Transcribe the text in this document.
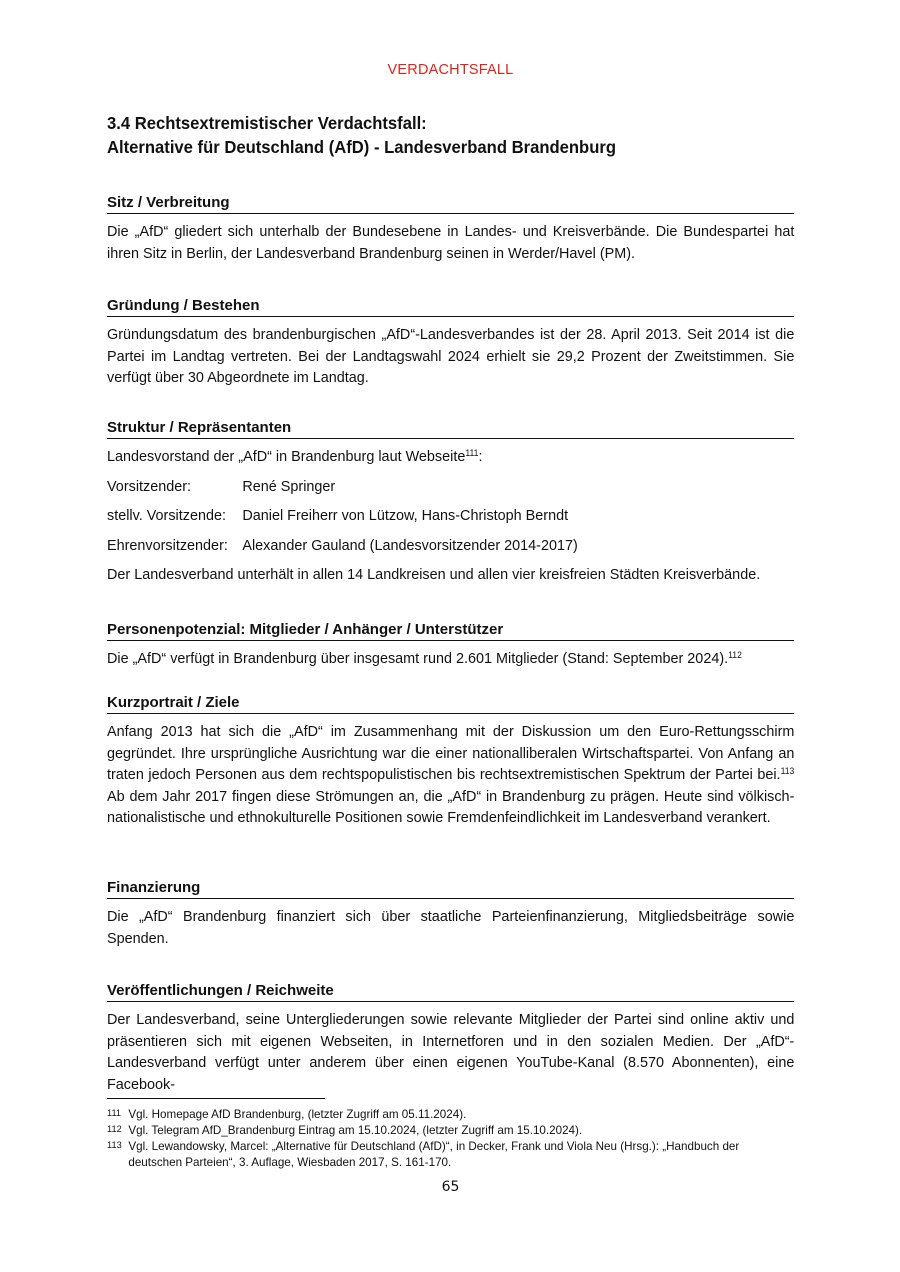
VERDACHTSFALL
3.4 Rechtsextremistischer Verdachtsfall:
Alternative für Deutschland (AfD) - Landesverband Brandenburg
Sitz / Verbreitung

Die „AfD“ gliedert sich unterhalb der Bundesebene in Landes- und Kreisverbände. Die Bundespartei hat ihren Sitz in Berlin, der Landesverband Brandenburg seinen in Werder/Havel (PM).

Gründung / Bestehen

Gründungsdatum des brandenburgischen „AfD“-Landesverbandes ist der 28. April 2013. Seit 2014 ist die Partei im Landtag vertreten. Bei der Landtagswahl 2024 erhielt sie 29,2 Prozent der Zweitstimmen. Sie verfügt über 30 Abgeordnete im Landtag.

Struktur / Repräsentanten

Landesvorstand der „AfD“ in Brandenburg laut Webseite$^{111}$:

Vorsitzender:	René Springer

stellv. Vorsitzende:	Daniel Freiherr von Lützow, Hans-Christoph Berndt

Ehrenvorsitzender: Alexander Gauland (Landesvorsitzender 2014-2017)

Der Landesverband unterhält in allen 14 Landkreisen und allen vier kreisfreien Städten Kreisverbände.

Personenpotenzial: Mitglieder / Anhänger / Unterstützer

Die „AfD“ verfügt in Brandenburg über insgesamt rund 2.601 Mitglieder (Stand: September 2024).$^{112}$

Kurzportrait / Ziele

Anfang 2013 hat sich die „AfD“ im Zusammenhang mit der Diskussion um den Euro-Rettungsschirm gegründet. Ihre ursprüngliche Ausrichtung war die einer nationalliberalen Wirtschaftspartei. Von Anfang an traten jedoch Personen aus dem rechtspopulistischen bis rechtsextremistischen Spektrum der Partei bei.$^{113}$ Ab dem Jahr 2017 fingen diese Strömungen an, die „AfD“ in Brandenburg zu prägen. Heute sind völkisch-nationalistische und ethnokulturelle Positionen sowie Fremdenfeindlichkeit im Landesverband verankert.

Finanzierung

Die „AfD“ Brandenburg finanziert sich über staatliche Parteienfinanzierung, Mitgliedsbeiträge sowie Spenden.

Veröffentlichungen / Reichweite

Der Landesverband, seine Untergliederungen sowie relevante Mitglieder der Partei sind online aktiv und präsentieren sich mit eigenen Webseiten, in Internetforen und in den sozialen Medien. Der „AfD“-Landesverband verfügt unter anderem über einen eigenen YouTube-Kanal (8.570 Abonnenten), eine Facebook-

111 Vgl. Homepage AfD Brandenburg, (letzter Zugriff am 05.11.2024).

112 Vgl. Telegram AfD_Brandenburg Eintrag am 15.10.2024, (letzter Zugriff am 15.10.2024).

113 Vgl. Lewandowsky, Marcel: „Alternative für Deutschland (AfD)“, in Decker, Frank und Viola Neu (Hrsg.): „Handbuch der deutschen Parteien“, 3. Auflage, Wiesbaden 2017, S. 161-170.

65
